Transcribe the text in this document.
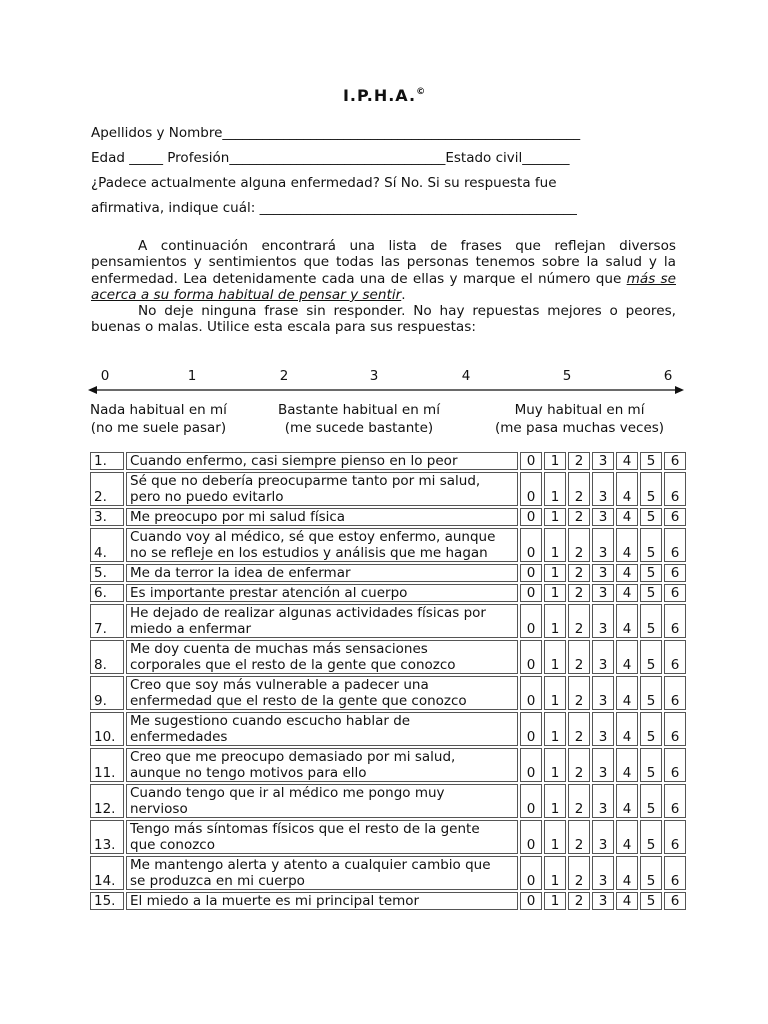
I.P.H.A.©
Apellidos y Nombre_____________________________________________________
Edad _____ Profesión________________________________Estado civil_______
¿Padece actualmente alguna enfermedad? Sí No. Si su respuesta fue
afirmativa, indique cuál: _______________________________________________

A continuación encontrará una lista de frases que reflejan diversos pensamientos y sentimientos que todas las personas tenemos sobre la salud y la enfermedad. Lea detenidamente cada una de ellas y marque el número que más se acerca a su forma habitual de pensar y sentir.

No deje ninguna frase sin responder. No hay repuestas mejores o peores, buenas o malas. Utilice esta escala para sus respuestas:

0	1	2	3	4	5	6
Nada habitual en mí
(no me suele pasar)
Bastante habitual en mí
(me sucede bastante)
Muy habitual en mí
(me pasa muchas veces)
1.	Cuando enfermo, casi siempre pienso en lo peor	0	1	2	3	4	5	6
2.	Sé que no debería preocuparme tanto por mi salud,
pero no puedo evitarlo	0	1	2	3	4	5	6
3.	Me preocupo por mi salud física	0	1	2	3	4	5	6
4.	Cuando voy al médico, sé que estoy enfermo, aunque
no se refleje en los estudios y análisis que me hagan	0	1	2	3	4	5	6
5.	Me da terror la idea de enfermar	0	1	2	3	4	5	6
6.	Es importante prestar atención al cuerpo	0	1	2	3	4	5	6
7.	He dejado de realizar algunas actividades físicas por
miedo a enfermar	0	1	2	3	4	5	6
8.	Me doy cuenta de muchas más sensaciones
corporales que el resto de la gente que conozco	0	1	2	3	4	5	6
9.	Creo que soy más vulnerable a padecer una
enfermedad que el resto de la gente que conozco	0	1	2	3	4	5	6
10.	Me sugestiono cuando escucho hablar de
enfermedades	0	1	2	3	4	5	6
11.	Creo que me preocupo demasiado por mi salud,
aunque no tengo motivos para ello	0	1	2	3	4	5	6
12.	Cuando tengo que ir al médico me pongo muy
nervioso	0	1	2	3	4	5	6
13.	Tengo más síntomas físicos que el resto de la gente
que conozco	0	1	2	3	4	5	6
14.	Me mantengo alerta y atento a cualquier cambio que
se produzca en mi cuerpo	0	1	2	3	4	5	6
15.	El miedo a la muerte es mi principal temor	0	1	2	3	4	5	6
